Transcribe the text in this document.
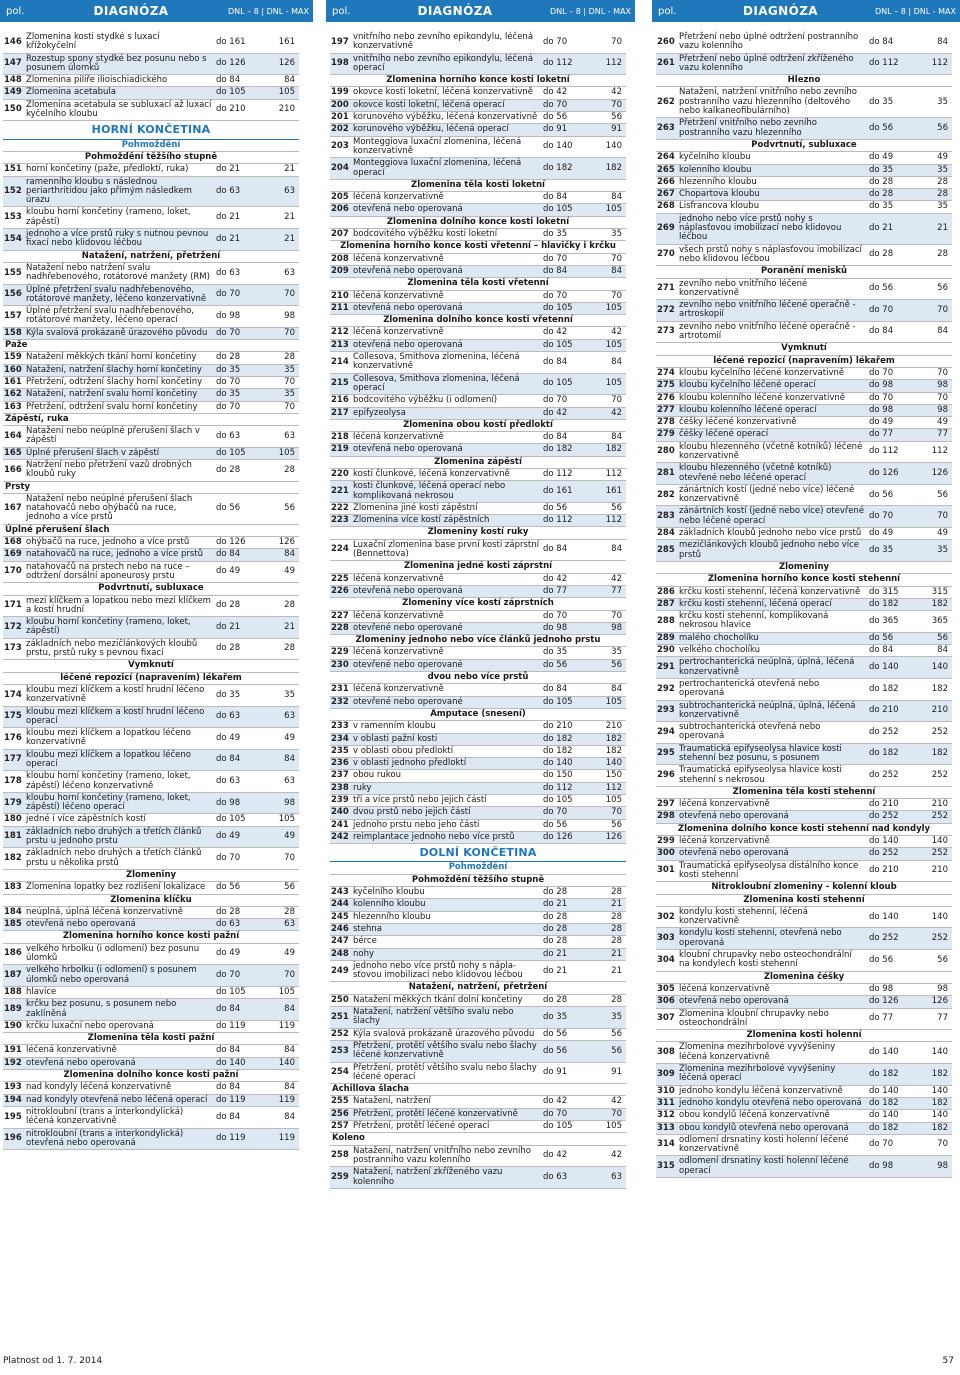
pol.	DIAGNÓZA	DNL – 8 | DNL - MAX	pol.	DIAGNÓZA	DNL – 8 | DNL - MAX	pol.	DIAGNÓZA	DNL – 8 | DNL - MAX
146	Zlomenina kosti stydké s luxací křížokyčelní	do 161	161
147	Rozestup spony stydké bez posunu nebo s posunem úlomků	do 126	126
148	Zlomenina pilíře ilioischiadického	do 84	84
149	Zlomenina acetabula	do 105	105
150	Zlomenina acetabula se subluxací až luxací kyčelního kloubu	do 210	210
HORNÍ KONČETINA			
Pohmoždění			
Pohmoždění těžšího stupně			
151	horní končetiny (paže, předloktí, ruka)	do 21	21
152	ramenního kloubu s následnou periarthritidou jako přímým následkem úrazu	do 63	63
153	kloubu horní končetiny (rameno, loket, zápěstí)	do 21	21
154	jednoho a více prstů ruky s nutnou pevnou fixací nebo klidovou léčbou	do 21	21
Natažení, natržení, přetržení			
155	Natažení nebo natržení svalu nadhřebenového, rotátorové manžety (RM)	do 63	63
156	Úplné přetržení svalu nadhřebenového, rotátorové manžety, léčeno konzervativně	do 70	70
157	Úplné přetržení svalu nadhřebenového, rotátorové manžety, léčeno operací	do 98	98
158	Kýla svalová prokázaně úrazového původu	do 70	70
Paže			
159	Natažení měkkých tkání horní končetiny	do 28	28
160	Natažení, natržení šlachy horní končetiny	do 35	35
161	Přetržení, odtržení šlachy horní končetiny	do 70	70
162	Natažení, natržení svalu horní končetiny	do 35	35
163	Přetržení, odtržení svalu horní končetiny	do 70	70
Zápěstí, ruka			
164	Natažení nebo neúplné přerušení šlach v zápěstí	do 63	63
165	Úplné přerušení šlach v zápěstí	do 105	105
166	Natržení nebo přetržení vazů drobných kloubů ruky	do 28	28
Prsty			
167	Natažení nebo neúplné přerušení šlach natahovačů nebo ohýbačů na ruce, jednoho a více prstů	do 56	56
Úplné přerušení šlach			
168	ohýbačů na ruce, jednoho a více prstů	do 126	126
169	natahovačů na ruce, jednoho a více prstů	do 84	84
170	natahovačů na prstech nebo na ruce – odtržení dorsální aponeurosy prstu	do 49	49
Podvrtnutí, subluxace			
171	mezi klíčkem a lopatkou nebo mezi klíčkem a kostí hrudní	do 28	28
172	kloubu horní končetiny (rameno, loket, zápěstí)	do 21	21
173	základních nebo mezičlánkových kloubů prstu, prstů ruky s pevnou fixací	do 28	28
Vymknutí			
léčené repozicí (napravením) lékařem			
174	kloubu mezi klíčkem a kostí hrudní léčeno konzervativně	do 35	35
175	kloubu mezi klíčkem a kostí hrudní léčeno operací	do 63	63
176	kloubu mezi klíčkem a lopatkou léčeno konzervativně	do 49	49
177	kloubu mezi klíčkem a lopatkou léčeno operací	do 84	84
178	kloubu horní končetiny (rameno, loket, zápěstí) léčeno konzervativně	do 63	63
179	kloubu horní končetiny (rameno, loket, zápěstí) léčeno operací	do 98	98
180	jedné i více zápěstních kostí	do 105	105
181	základních nebo druhých a třetích článků prstu u jednoho prstu	do 49	49
182	základních nebo druhých a třetích článků prstu u několika prstů	do 70	70
Zlomeniny			
183	Zlomenina lopatky bez rozlišení lokalizace	do 56	56
Zlomenina klíčku			
184	neúplná, úplná léčená konzervativně	do 28	28
185	otevřená nebo operovaná	do 63	63
Zlomenina horního konce kosti pažní			
186	velkého hrbolku (i odlomení) bez posunu úlomků	do 49	49
187	velkého hrbolku (i odlomení) s posunem úlomků nebo operovaná	do 70	70
188	hlavice	do 105	105
189	krčku bez posunu, s posunem nebo zaklíněná	do 84	84
190	krčku luxační nebo operovaná	do 119	119
Zlomenina těla kosti pažní			
191	léčená konzervativně	do 84	84
192	otevřená nebo operovaná	do 140	140
Zlomenina dolního konce kosti pažní			
193	nad kondyly léčená konzervativně	do 84	84
194	nad kondyly otevřená nebo léčená operací	do 119	119
195	nitrokloubní (trans a interkondylická) léčená konzervativně	do 84	84
196	nitrokloubní (trans a interkondylická) otevřená nebo operovaná	do 119	119
197	vnitřního nebo zevního epikondylu, léčená konzervativně	do 70	70
198	vnitřního nebo zevního epikondylu, léčená operací	do 112	112
Zlomenina horního konce kosti loketní			
199	okovce kosti loketní, léčená konzervativně	do 42	42
200	okovce kosti loketní, léčená operací	do 70	70
201	korunového výběžku, léčená konzervativně	do 56	56
202	korunového výběžku, léčená operací	do 91	91
203	Monteggiova luxační zlomenina, léčená konzervativně	do 140	140
204	Monteggiova luxační zlomenina, léčená operací	do 182	182
Zlomenina těla kosti loketní			
205	léčená konzervativně	do 84	84
206	otevřená nebo operovaná	do 105	105
Zlomenina dolního konce kosti loketní			
207	bodcovitého výběžku kosti loketní	do 35	35
Zlomenina horního konce kosti vřetenní – hlavičky i krčku			
208	léčená konzervativně	do 70	70
209	otevřená nebo operovaná	do 84	84
Zlomenina těla kosti vřetenní			
210	léčená konzervativně	do 70	70
211	otevřená nebo operovaná	do 105	105
Zlomenina dolního konce kosti vřetenní			
212	léčená konzervativně	do 42	42
213	otevřená nebo operovaná	do 105	105
214	Collesova, Smithova zlomenina, léčená konzervativně	do 84	84
215	Collesova, Smithova zlomenina, léčená operací	do 105	105
216	bodcovitého výběžku (i odlomení)	do 70	70
217	epifyzeolysa	do 42	42
Zlomenina obou kostí předloktí			
218	léčená konzervativně	do 84	84
219	otevřená nebo operovaná	do 182	182
Zlomenina zápěstí			
220	kosti člunkové, léčená konzervativně	do 112	112
221	kosti člunkové, léčená operací nebo komplikovaná nekrosou	do 161	161
222	Zlomenina jiné kosti zápěstní	do 56	56
223	Zlomenina více kostí zápěstních	do 112	112
Zlomeniny kostí ruky			
224	Luxační zlomenina base první kosti záprstní (Bennettova)	do 84	84
Zlomenina jedné kosti záprstní			
225	léčená konzervativně	do 42	42
226	otevřená nebo operovaná	do 77	77
Zlomeniny více kostí záprstních			
227	léčená konzervativně	do 70	70
228	otevřené nebo operované	do 98	98
Zlomeniny jednoho nebo více článků jednoho prstu			
229	léčená konzervativně	do 35	35
230	otevřené nebo operované	do 56	56
dvou nebo více prstů			
231	léčená konzervativně	do 84	84
232	otevřené nebo operované	do 105	105
Amputace (snesení)			
233	v ramenním kloubu	do 210	210
234	v oblasti pažní kosti	do 182	182
235	v oblasti obou předloktí	do 182	182
236	v oblasti jednoho předloktí	do 140	140
237	obou rukou	do 150	150
238	ruky	do 112	112
239	tří a více prstů nebo jejich částí	do 105	105
240	dvou prstů nebo jejich částí	do 70	70
241	jednoho prstu nebo jeho části	do 56	56
242	reimplantace jednoho nebo více prstů	do 126	126
DOLNÍ KONČETINA			
Pohmoždění			
Pohmoždění těžšího stupně			
243	kyčelního kloubu	do 28	28
244	kolenního kloubu	do 21	21
245	hlezenního kloubu	do 28	28
246	stehna	do 28	28
247	bérce	do 28	28
248	nohy	do 21	21
249	jednoho nebo více prstů nohy s náplasťovou imobilizací nebo klidovou léčbou	do 21	21
Natažení, natržení, přetržení			
250	Natažení měkkých tkání dolní končetiny	do 28	28
251	Natažení, natržení většího svalu nebo šlachy	do 35	35
252	Kýla svalová prokázaně úrazového původu	do 56	56
253	Přetržení, protětí většího svalu nebo šlachy léčené konzervativně	do 56	56
254	Přetržení, protětí většího svalu nebo šlachy léčené operací	do 91	91
Achillova šlacha			
255	Natažení, natržení	do 42	42
256	Přetržení, protětí léčené konzervativně	do 70	70
257	Přetržení, protětí léčené operací	do 105	105
Koleno			
258	Natažení, natržení vnitřního nebo zevního postranního vazu kolenního	do 42	42
259	Natažení, natržení zkříženého vazu kolenního	do 63	63
260	Přetržení nebo úplné odtržení postranního vazu kolenního	do 84	84
261	Přetržení nebo úplné odtržení zkříženého vazu kolenního	do 112	112
Hlezno			
262	Natažení, natržení vnitřního nebo zevního postranního vazu hlezenního (deltového nebo kalkaneofibulárního)	do 35	35
263	Přetržení vnitřního nebo zevního postranního vazu hlezenního	do 56	56
Podvrtnutí, subluxace			
264	kyčelního kloubu	do 49	49
265	kolenního kloubu	do 35	35
266	hlezenního kloubu	do 28	28
267	Chopartova kloubu	do 28	28
268	Lisfrancova kloubu	do 35	35
269	jednoho nebo více prstů nohy s náplasťovou imobilizací nebo klidovou léčbou	do 21	21
270	všech prstů nohy s náplasťovou imobilizací nebo klidovou léčbou	do 28	28
Poranění menisků			
271	zevního nebo vnitřního léčené konzervativně	do 56	56
272	zevního nebo vnitřního léčené operačně - artroskopií	do 70	70
273	zevního nebo vnitřního léčené operačně - artrotomií	do 84	84
Vymknutí			
léčené repozicí (napravením) lékařem			
274	kloubu kyčelního léčené konzervativně	do 70	70
275	kloubu kyčelního léčené operací	do 98	98
276	kloubu kolenního léčené konzervativně	do 70	70
277	kloubu kolenního léčené operací	do 98	98
278	čéšky léčené konzervativně	do 49	49
279	čéšky léčené operací	do 77	77
280	kloubu hlezenného (včetně kotníků) léčené konzervativně	do 112	112
281	kloubu hlezenného (včetně kotníků) otevřené nebo léčené operací	do 126	126
282	zánártních kostí (jedné nebo více) léčené konzervativně	do 56	56
283	zánártních kostí (jedné nebo více) otevřené nebo léčené operací	do 70	70
284	základních kloubů jednoho nebo více prstů	do 49	49
285	mezičlánkových kloubů jednoho nebo více prstů	do 35	35
Zlomeniny			
Zlomenina horního konce kosti stehenní			
286	krčku kosti stehenní, léčená konzervativně	do 315	315
287	krčku kosti stehenní, léčená operací	do 182	182
288	krčku kosti stehenní, komplikovaná nekrosou hlavice	do 365	365
289	malého chocholíku	do 56	56
290	velkého chocholíku	do 84	84
291	pertrochanterická neúplná, úplná, léčená konzervativně	do 140	140
292	pertrochanterická otevřená nebo operovaná	do 182	182
293	subtrochanterická neúplná, úplná, léčená konzervativně	do 210	210
294	subtrochanterická otevřená nebo operovaná	do 252	252
295	Traumatická epifyseolysa hlavice kosti stehenní bez posunu, s posunem	do 182	182
296	Traumatická epifyseolysa hlavice kosti stehenní s nekrosou	do 252	252
Zlomenina těla kosti stehenní			
297	léčená konzervativně	do 210	210
298	otevřená nebo operovaná	do 252	252
Zlomenina dolního konce kosti stehenní nad kondyly			
299	léčená konzervativně	do 140	140
300	otevřená nebo operovaná	do 252	252
301	Traumatická epifyseolysa distálního konce kosti stehenní	do 210	210
Nitrokloubní zlomeniny - kolenní kloub			
Zlomenina kosti stehenní			
302	kondylu kosti stehenní, léčená konzervativně	do 140	140
303	kondylu kosti stehenní, otevřená nebo operovaná	do 252	252
304	kloubní chrupavky nebo osteochondrální na kondylech kosti stehenní	do 56	56
Zlomenina čéšky			
305	léčená konzervativně	do 98	98
306	otevřená nebo operovaná	do 126	126
307	Zlomenina kloubní chrupavky nebo osteochondrální	do 77	77
Zlomenina kosti holenní			
308	Zlomenina mezihrbolové vyvýšeniny léčená konzervativně	do 140	140
309	Zlomenina mezihrbolové vyvýšeniny léčená operací	do 182	182
310	jednoho kondylu léčená konzervativně	do 140	140
311	jednoho kondylu otevřená nebo operovaná	do 182	182
312	obou kondylů léčená konzervativně	do 140	140
313	obou kondylů otevřená nebo operovaná	do 182	182
314	odlomení drsnatiny kosti holenní léčené konzervativně	do 70	70
315	odlomení drsnatiny kosti holenní léčené operací	do 98	98
Platnost od 1. 7. 2014	57
